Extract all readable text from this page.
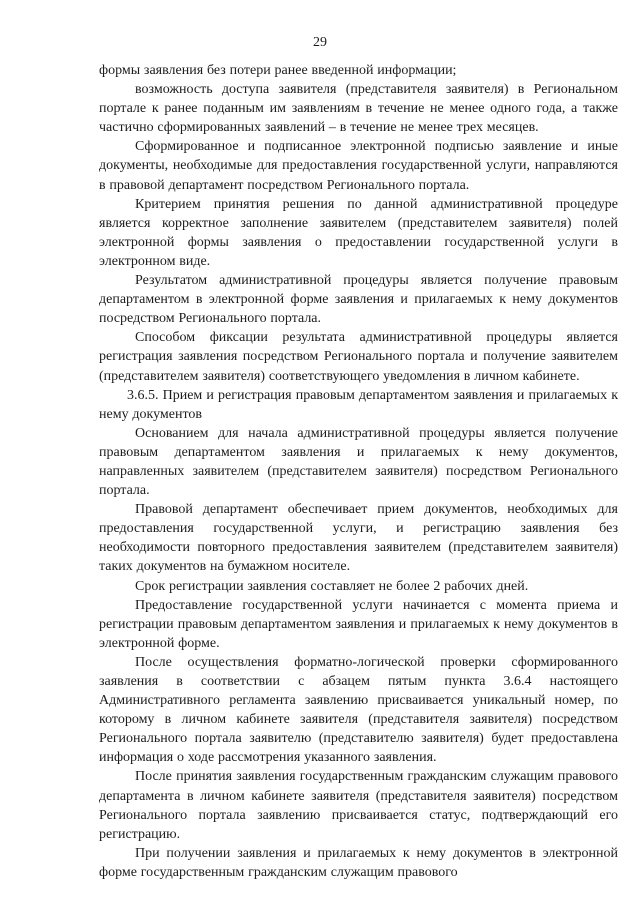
29

формы заявления без потери ранее введенной информации;

возможность доступа заявителя (представителя заявителя) в Региональном портале к ранее поданным им заявлениям в течение не менее одного года, а также частично сформированных заявлений – в течение не менее трех месяцев.

Сформированное и подписанное электронной подписью заявление и иные документы, необходимые для предоставления государственной услуги, направляются в правовой департамент посредством Регионального портала.

Критерием принятия решения по данной административной процедуре является корректное заполнение заявителем (представителем заявителя) полей электронной формы заявления о предоставлении государственной услуги в электронном виде.

Результатом административной процедуры является получение правовым департаментом в электронной форме заявления и прилагаемых к нему документов посредством Регионального портала.

Способом фиксации результата административной процедуры является регистрация заявления посредством Регионального портала и получение заявителем (представителем заявителя) соответствующего уведомления в личном кабинете.

3.6.5. Прием и регистрация правовым департаментом заявления и прилагаемых к нему документов

Основанием для начала административной процедуры является получение правовым департаментом заявления и прилагаемых к нему документов, направленных заявителем (представителем заявителя) посредством Регионального портала.

Правовой департамент обеспечивает прием документов, необходимых для предоставления государственной услуги, и регистрацию заявления без необходимости повторного предоставления заявителем (представителем заявителя) таких документов на бумажном носителе.

Срок регистрации заявления составляет не более 2 рабочих дней.

Предоставление государственной услуги начинается с момента приема и регистрации правовым департаментом заявления и прилагаемых к нему документов в электронной форме.

После осуществления форматно-логической проверки сформированного заявления в соответствии с абзацем пятым пункта 3.6.4 настоящего Административного регламента заявлению присваивается уникальный номер, по которому в личном кабинете заявителя (представителя заявителя) посредством Регионального портала заявителю (представителю заявителя) будет предоставлена информация о ходе рассмотрения указанного заявления.

После принятия заявления государственным гражданским служащим правового департамента в личном кабинете заявителя (представителя заявителя) посредством Регионального портала заявлению присваивается статус, подтверждающий его регистрацию.

При получении заявления и прилагаемых к нему документов в электронной форме государственным гражданским служащим правового
